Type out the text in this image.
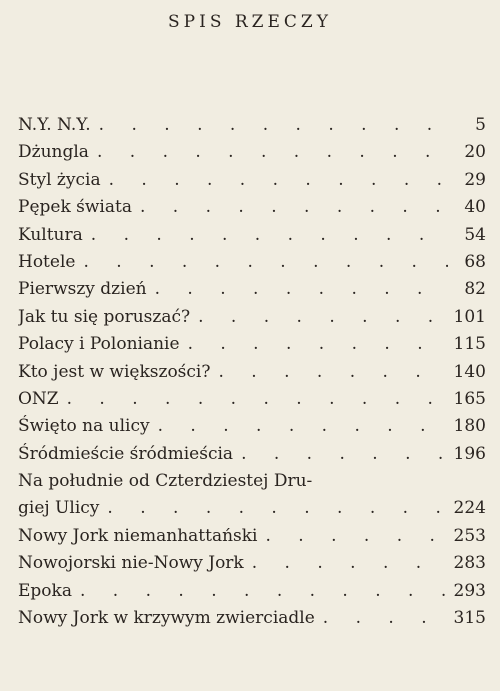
SPIS RZECZY
N.Y. N.Y. . . .	5
Dżungla . . .	20
Styl życia . . .	29
Pępek świata . . .	40
Kultura . . .	54
Hotele . . .	68
Pierwszy dzień . . .	82
Jak tu się poruszać? . . .	101
Polacy i Polonianie . . .	115
Kto jest w większości? . . .	140
ONZ . . .	165
Święto na ulicy . . .	180
Śródmieście śródmieścia . . .	196
Na południe od Czterdziestej Dru-
giej Ulicy . . .	224
Nowy Jork niemanhattański . . .	253
Nowojorski nie-Nowy Jork . . .	283
Epoka . . .	293
Nowy Jork w krzywym zwierciadle . . .	315
